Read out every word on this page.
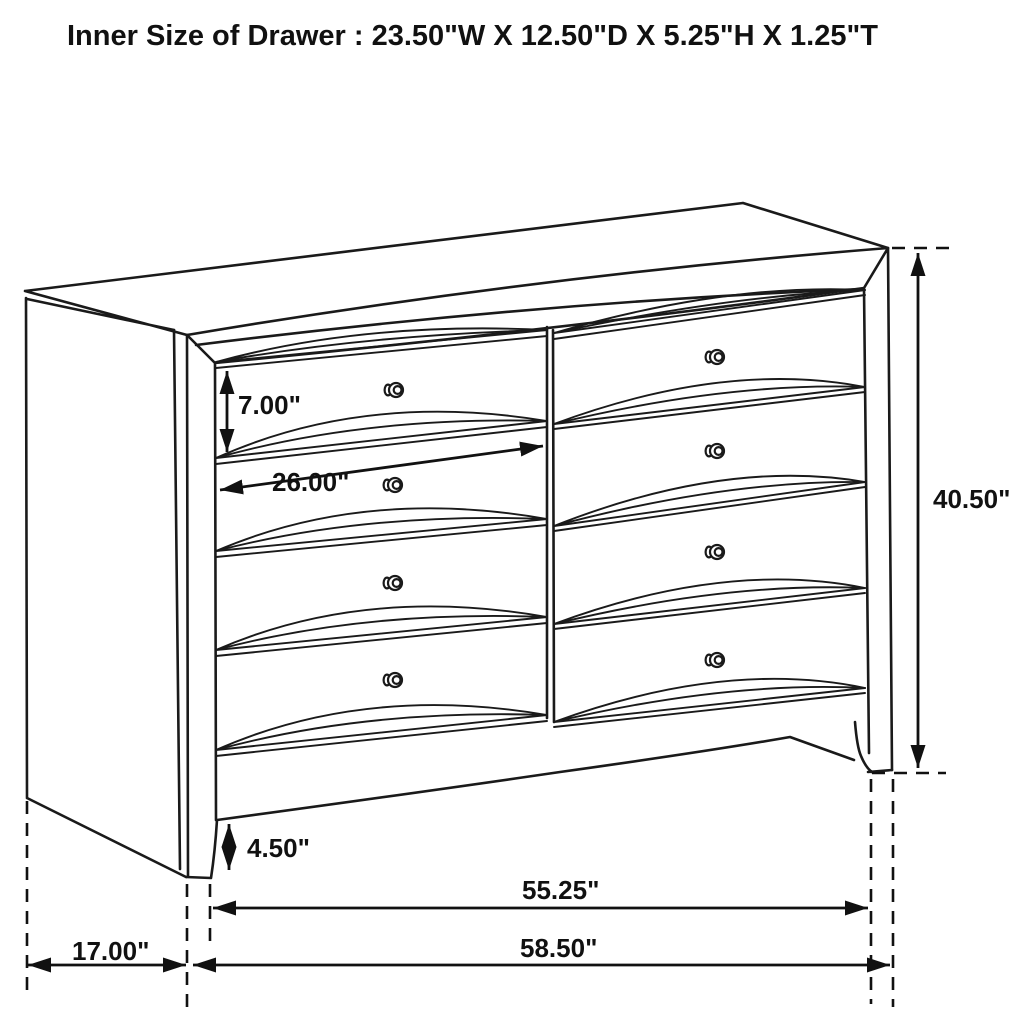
7.00"
26.00"
40.50"
4.50"
55.25"
58.50"
17.00"
Inner Size of Drawer : 23.50"W X 12.50"D X 5.25"H X 1.25"T
